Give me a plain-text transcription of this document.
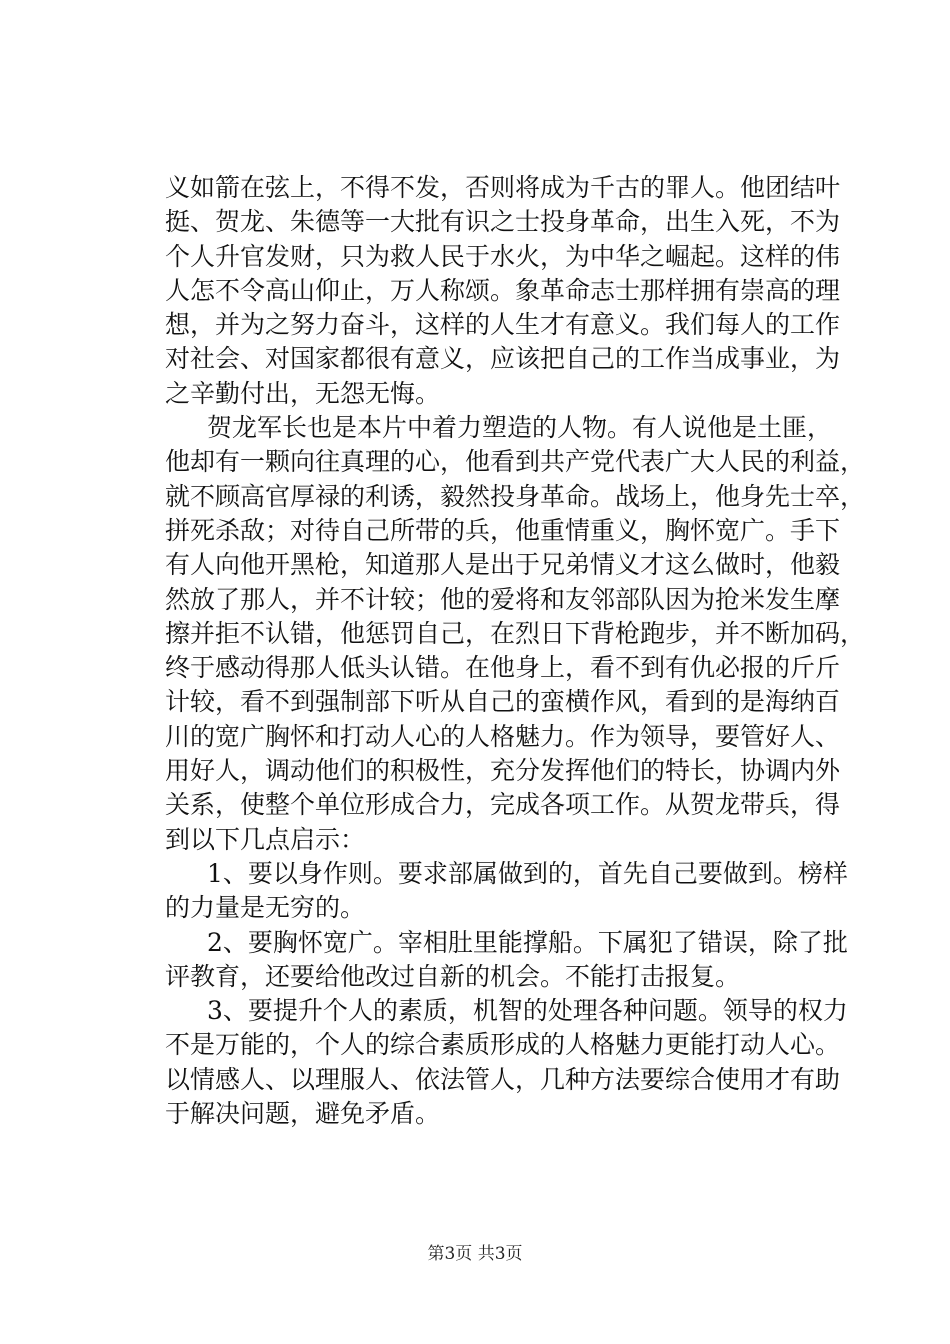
义如箭在弦上，不得不发，否则将成为千古的罪人。他团结叶
挺、贺龙、朱德等一大批有识之士投身革命，出生入死，不为
个人升官发财，只为救人民于水火，为中华之崛起。这样的伟
人怎不令高山仰止，万人称颂。象革命志士那样拥有崇高的理
想，并为之努力奋斗，这样的人生才有意义。我们每人的工作
对社会、对国家都很有意义，应该把自己的工作当成事业，为
之辛勤付出，无怨无悔。
贺龙军长也是本片中着力塑造的人物。有人说他是土匪，
他却有一颗向往真理的心，他看到共产党代表广大人民的利益，
就不顾高官厚禄的利诱，毅然投身革命。战场上，他身先士卒，
拼死杀敌；对待自己所带的兵，他重情重义，胸怀宽广。手下
有人向他开黑枪，知道那人是出于兄弟情义才这么做时，他毅
然放了那人，并不计较；他的爱将和友邻部队因为抢米发生摩
擦并拒不认错，他惩罚自己，在烈日下背枪跑步，并不断加码，
终于感动得那人低头认错。在他身上，看不到有仇必报的斤斤
计较，看不到强制部下听从自己的蛮横作风，看到的是海纳百
川的宽广胸怀和打动人心的人格魅力。作为领导，要管好人、
用好人，调动他们的积极性，充分发挥他们的特长，协调内外
关系，使整个单位形成合力，完成各项工作。从贺龙带兵，得
到以下几点启示：
1、要以身作则。要求部属做到的，首先自己要做到。榜样
的力量是无穷的。
2、要胸怀宽广。宰相肚里能撑船。下属犯了错误，除了批
评教育，还要给他改过自新的机会。不能打击报复。
3、要提升个人的素质，机智的处理各种问题。领导的权力
不是万能的，个人的综合素质形成的人格魅力更能打动人心。
以情感人、以理服人、依法管人，几种方法要综合使用才有助
于解决问题，避免矛盾。
第3页 共3页
